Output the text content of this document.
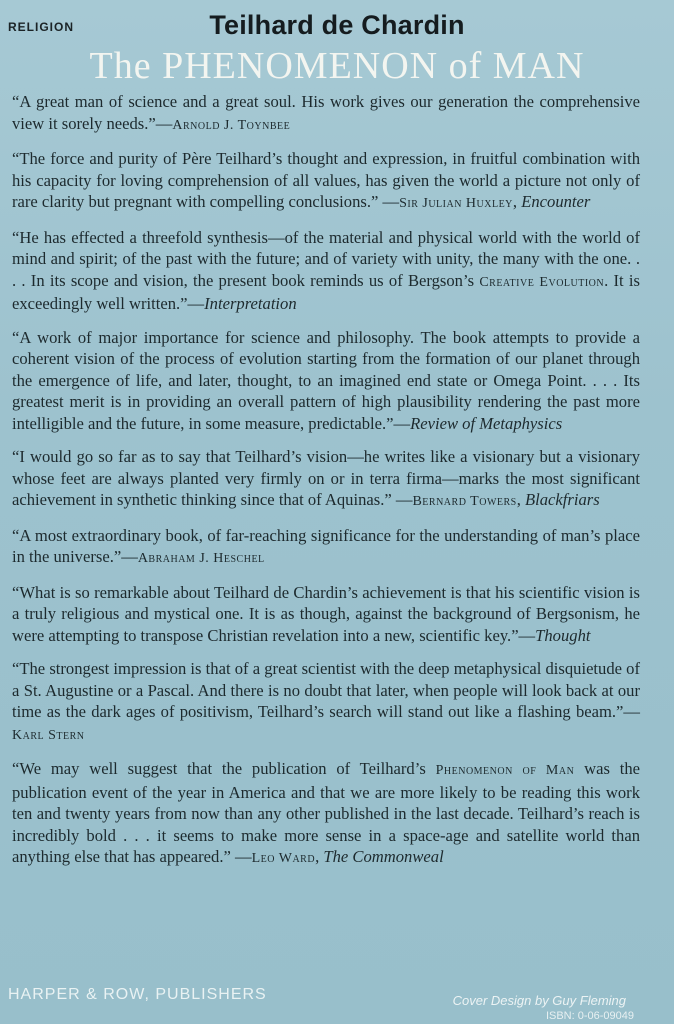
RELIGION	Teilhard de Chardin
The PHENOMENON of MAN

“A great man of science and a great soul. His work gives our generation the comprehensive view it sorely needs.”—Arnold J. Toynbee

“The force and purity of Père Teilhard’s thought and expression, in fruitful combination with his capacity for loving comprehension of all values, has given the world a picture not only of rare clarity but pregnant with compelling conclusions.” —Sir Julian Huxley, Encounter

“He has effected a threefold synthesis—of the material and physical world with the world of mind and spirit; of the past with the future; and of variety with unity, the many with the one. . . . In its scope and vision, the present book reminds us of Bergson’s Creative Evolution. It is exceedingly well written.”—Interpretation

“A work of major importance for science and philosophy. The book attempts to provide a coherent vision of the process of evolution starting from the formation of our planet through the emergence of life, and later, thought, to an imagined end state or Omega Point. . . . Its greatest merit is in providing an overall pattern of high plausibility rendering the past more intelligible and the future, in some measure, predictable.”—Review of Metaphysics

“I would go so far as to say that Teilhard’s vision—he writes like a visionary but a visionary whose feet are always planted very firmly on or in terra firma—marks the most significant achievement in synthetic thinking since that of Aquinas.” —Bernard Towers, Blackfriars

“A most extraordinary book, of far-reaching significance for the understanding of man’s place in the universe.”—Abraham J. Heschel

“What is so remarkable about Teilhard de Chardin’s achievement is that his scientific vision is a truly religious and mystical one. It is as though, against the background of Bergsonism, he were attempting to transpose Christian revelation into a new, scientific key.”—Thought

“The strongest impression is that of a great scientist with the deep metaphysical disquietude of a St. Augustine or a Pascal. And there is no doubt that later, when people will look back at our time as the dark ages of positivism, Teilhard’s search will stand out like a flashing beam.”—Karl Stern

“We may well suggest that the publication of Teilhard’s Phenomenon of Man was the publication event of the year in America and that we are more likely to be reading this work ten and twenty years from now than any other published in the last decade. Teilhard’s reach is incredibly bold . . . it seems to make more sense in a space-age and satellite world than anything else that has appeared.” —Leo Ward, The Commonweal

HARPER & ROW, PUBLISHERS	Cover Design by Guy Fleming
ISBN: 0-06-09049
